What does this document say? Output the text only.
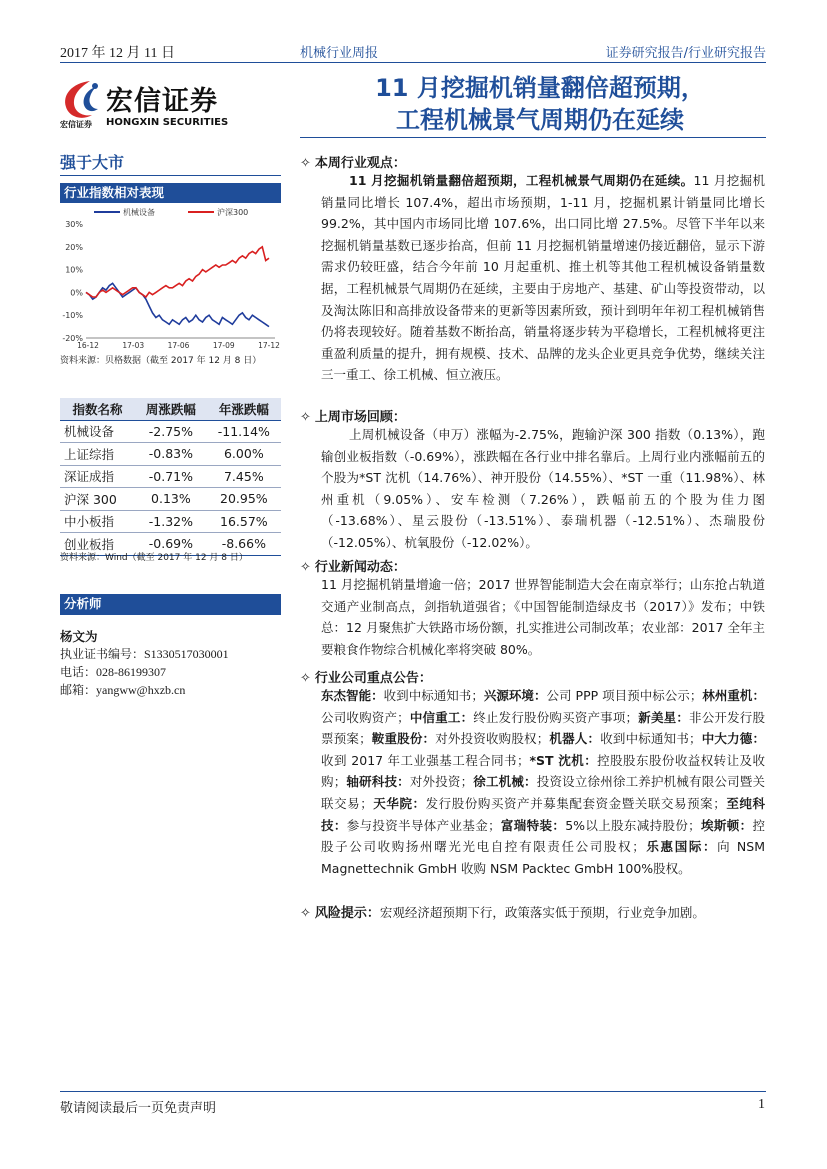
2017 年 12 月 11 日	机械行业周报	证券研究报告/行业研究报告
宏信证券
宏信证券 HONGXIN SECURITIES
11 月挖掘机销量翻倍超预期，
工程机械景气周期仍在延续
强于大市
行业指数相对表现
30%
20%
10%
0%
-10%
-20%
16-12	17-03	17-06	17-09	17-12
机械设备	沪深300
资料来源：贝格数据（截至 2017 年 12 月 8 日）
指数名称	周涨跌幅	年涨跌幅
机械设备	-2.75%	-11.14%
上证综指	-0.83%	6.00%
深证成指	-0.71%	7.45%
沪深 300	0.13%	20.95%
中小板指	-1.32%	16.57%
创业板指	-0.69%	-8.66%
资料来源：Wind（截至 2017 年 12 月 8 日）
分析师
杨文为
执业证书编号：S1330517030001
电话：028-86199307
邮箱：yangww@hxzb.cn
✧ 本周行业观点：
11 月挖掘机销量翻倍超预期，工程机械景气周期仍在延续。11 月挖掘机销量同比增长 107.4%，超出市场预期，1-11 月，挖掘机累计销量同比增长 99.2%，其中国内市场同比增 107.6%，出口同比增 27.5%。尽管下半年以来挖掘机销量基数已逐步抬高，但前 11 月挖掘机销量增速仍接近翻倍，显示下游需求仍较旺盛，结合今年前 10 月起重机、推土机等其他工程机械设备销量数据，工程机械景气周期仍在延续，主要由于房地产、基建、矿山等投资带动，以及淘汰陈旧和高排放设备带来的更新等因素所致，预计到明年年初工程机械销售仍将表现较好。随着基数不断抬高，销量将逐步转为平稳增长，工程机械将更注重盈利质量的提升，拥有规模、技术、品牌的龙头企业更具竞争优势，继续关注三一重工、徐工机械、恒立液压。
✧ 上周市场回顾：
上周机械设备（申万）涨幅为-2.75%，跑输沪深 300 指数（0.13%），跑输创业板指数（-0.69%），涨跌幅在各行业中排名靠后。上周行业内涨幅前五的个股为*ST 沈机（14.76%）、神开股份（14.55%）、*ST 一重（11.98%）、林州重机（9.05%）、安车检测（7.26%），跌幅前五的个股为佳力图（-13.68%）、星云股份（-13.51%）、泰瑞机器（-12.51%）、杰瑞股份（-12.05%）、杭氧股份（-12.02%）。
✧ 行业新闻动态：
11 月挖掘机销量增逾一倍；2017 世界智能制造大会在南京举行；山东抢占轨道交通产业制高点，剑指轨道强省；《中国智能制造绿皮书（2017）》发布；中铁总：12 月聚焦扩大铁路市场份额，扎实推进公司制改革；农业部：2017 全年主要粮食作物综合机械化率将突破 80%。
✧ 行业公司重点公告：
东杰智能：收到中标通知书；兴源环境：公司 PPP 项目预中标公示；林州重机：公司收购资产；中信重工：终止发行股份购买资产事项；新美星：非公开发行股票预案；鞍重股份：对外投资收购股权；机器人：收到中标通知书；中大力德：收到 2017 年工业强基工程合同书；*ST 沈机：控股股东股份收益权转让及收购；轴研科技：对外投资；徐工机械：投资设立徐州徐工养护机械有限公司暨关联交易；天华院：发行股份购买资产并募集配套资金暨关联交易预案；至纯科技：参与投资半导体产业基金；富瑞特装：5%以上股东减持股份；埃斯顿：控股子公司收购扬州曙光光电自控有限责任公司股权；乐惠国际：向 NSM Magnettechnik GmbH 收购 NSM Packtec GmbH 100%股权。
✧ 风险提示：宏观经济超预期下行，政策落实低于预期，行业竞争加剧。
敬请阅读最后一页免责声明	1
